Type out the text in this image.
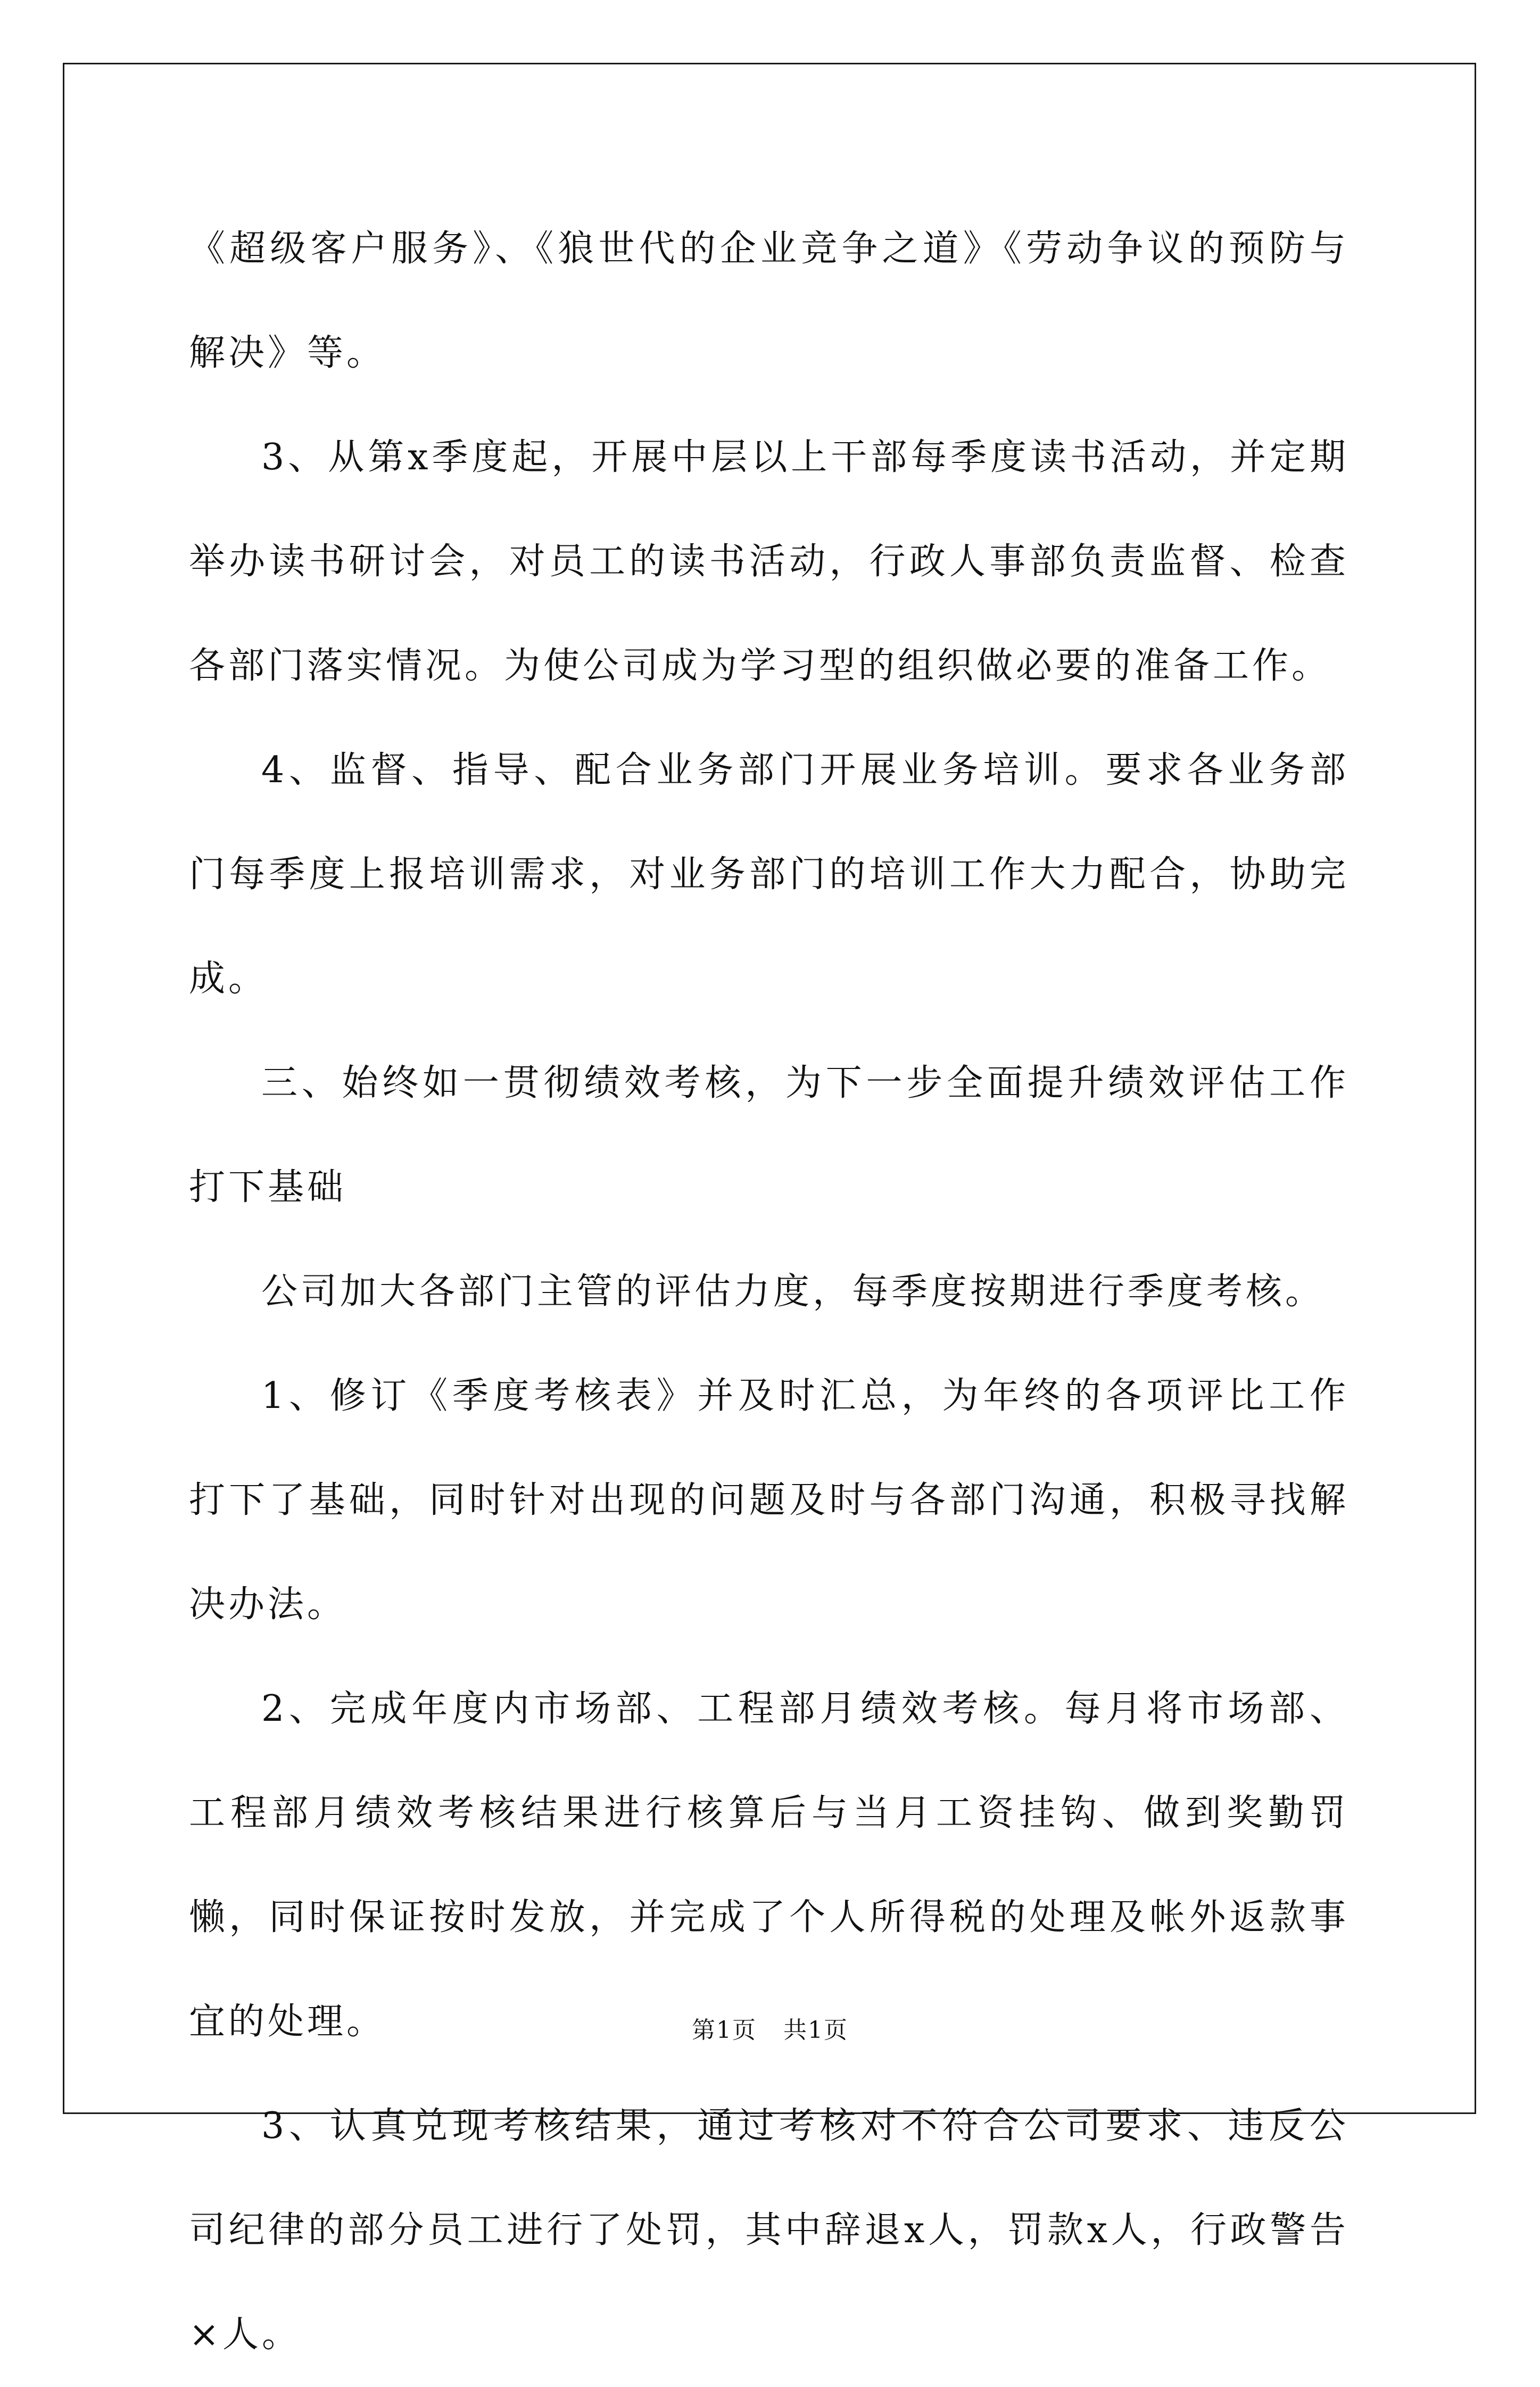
《超级客户服务》、《狼世代的企业竞争之道》《劳动争议的预防与解决》等。

3、从第x季度起，开展中层以上干部每季度读书活动，并定期举办读书研讨会，对员工的读书活动，行政人事部负责监督、检查各部门落实情况。为使公司成为学习型的组织做必要的准备工作。

4、监督、指导、配合业务部门开展业务培训。要求各业务部门每季度上报培训需求，对业务部门的培训工作大力配合，协助完成。

三、始终如一贯彻绩效考核，为下一步全面提升绩效评估工作打下基础

公司加大各部门主管的评估力度，每季度按期进行季度考核。

1、修订《季度考核表》并及时汇总，为年终的各项评比工作打下了基础，同时针对出现的问题及时与各部门沟通，积极寻找解决办法。

2、完成年度内市场部、工程部月绩效考核。每月将市场部、工程部月绩效考核结果进行核算后与当月工资挂钩、做到奖勤罚懒，同时保证按时发放，并完成了个人所得税的处理及帐外返款事宜的处理。

3、认真兑现考核结果，通过考核对不符合公司要求、违反公司纪律的部分员工进行了处罚，其中辞退x人，罚款x人，行政警告×人。

第1页 共1页
